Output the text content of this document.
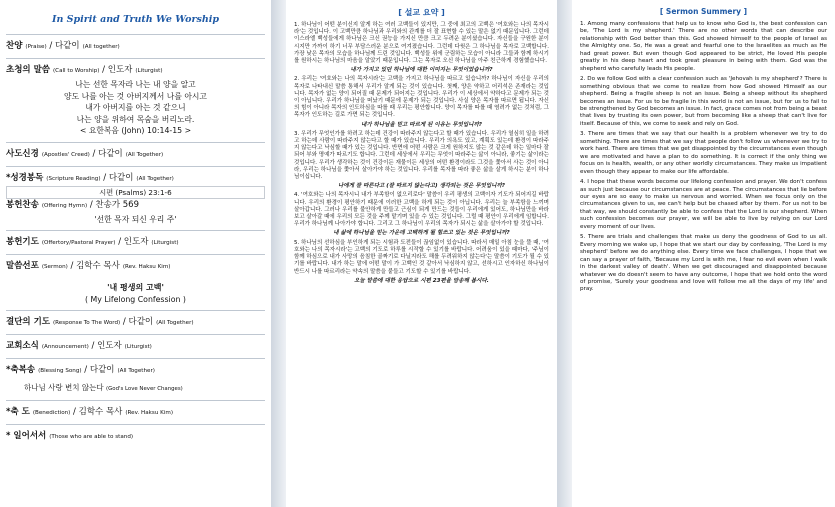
In Spirit and Truth We Worship
찬양 (Praise) / 다같이 (All together)
초청의 말씀 (Call to Worship) / 인도자 (Liturgist)
나는 선한 목자라 나는 내 양을 알고
양도 나를 아는 것 아버지께서 나를 아시고
내가 아버지를 아는 것 같으니
나는 양을 위하여 목숨을 버리노라.
< 요한복음 (John) 10:14-15 >
사도신경 (Apostles' Creed) / 다같이 (All Together)
*성경봉독 (Scripture Reading) / 다같이 (All Together)
시편 (Psalms) 23:1-6
봉헌찬송 (Offering Hymn) / 찬송가 569
'선한 목자 되신 우리 주'
봉헌기도 (Offertory/Pastoral Prayer) / 인도자 (Liturgist)
말씀선포 (Sermon) / 김학수 목사 (Rev. Haksu Kim)
'내 평생의 고백'
( My Lifelong Confession )
결단의 기도 (Response To The Word) / 다같이 (All Together)
교회소식 (Announcement) / 인도자 (Liturgist)
*축복송 (Blessing Song) / 다같이 (All Together)
하나님 사랑 변치 않는다 (God's Love Never Changes)
*축 도 (Benediction) / 김학수 목사 (Rev. Haksu Kim)
* 일어서서 (Those who are able to stand)
[ 설교 요약 ]

1. 하나님이 어떤 분이신지 알게 하는 여러 고백들이 있지만, 그 중에 최고의 고백은 '여호와는 나의 목자시라'는 것입니다. 이 고백만큼 하나님과 우리와의 관계를 더 잘 표현할 수 있는 말은 없기 때문입니다. 그런데 이스라엘 백성들에게 하나님은 크신 권능을 가지신 만큼 크고 두려운 분이셨습니다. 자신들을 구원한 분이시지만 가까이 하기 너무 부담스러운 분으로 여겨졌습니다. 그런데 다윗은 그 하나님을 목자로 고백합니다. 가장 낮은 목자의 모습을 하나님께 드린 것입니다. 백성들 위에 군림하는 모습이 아니라 그들과 함께 하시기를 원하시는 하나님의 마음을 알았기 때문입니다. 그는 목자로 오신 하나님을 아주 친근하게 경험했습니다.

내가 가지고 있던 하나님에 대한 이미지는 무엇이었습니까?

2. 우리는 '여호와는 나의 목자시라'는 고백을 가지고 하나님을 따르고 있습니까? 하나님이 자신을 우리의 목자로 나타내신 말씀 통해서 우리가 알게 되는 것이 있습니다. 첫째, 양은 약하고 어리석은 존재라는 것입니다. 목자가 없는 양이 되어질 때 문제가 되어지는 것입니다. 우리가 이 세상에서 약하다고 문제가 되는 것이 아닙니다. 우리가 하나님을 떠났기 때문에 문제가 되는 것입니다. 사실 양은 목자를 따르면 됩니다. 자신의 힘이 아니라 목자의 인도하심을 따를 때 우리는 평안합니다. 양이 목자를 따를 때 염려가 없는 것처럼, 그 목자가 인도하는 길로 가면 되는 것입니다.

내가 하나님을 믿고 따르게 된 이유는 무엇입니까?

3. 우리가 무엇인가를 하려고 하는데 건강이 따라주지 않는다고 할 때가 있습니다. 우리가 열심히 일을 하려고 하는데 사람이 따라주지 않는다고 할 때가 있습니다. 우리가 의욕도 있고, 계획도 있는데 환경이 따라주지 않는다고 낙심할 때가 있는 것입니다. 반면에 어떤 사람은 크게 원하지도 않는 것 같은데 하는 일마다 잘 되어 부와 명예가 따르기도 합니다. 그런데 세상에서 우리는 무엇이 따라주는 삶이 아니라, 좋기는 삶이라는 것입니다. 우리가 생각하는 것이 건강이든 재물이든 세상의 어떤 환경이라도 그것을 쫓아서 사는 것이 아니라, 우리는 하나님을 쫓아서 살아가야 하는 것입니다. 우리를 목자를 따라 좋은 삶을 살게 하시는 분이 하나님이십니다.

나에게 잘 따른다고 (잘 따르지 않는다고) 생각되는 것은 무엇입니까?

4. '여호와는 나의 목자시니 내가 부족함이 없으리로다' 말씀이 우리 평생의 고백이자 기도가 되어지길 바랍니다. 우리의 환경이 평안하기 때문에 이러한 고백을 하게 되는 것이 아닙니다. 우리는 늘 부족함을 느끼며 살아갑니다. 그러나 우리를 불안하게 만들고 근심이 되게 만드는 것들이 우리에게 있어도, 하나님만을 바라보고 살아갈 때에 우리의 모든 것을 주께 맡기며 있을 수 있는 것입니다. 그럴 때 평안이 우리에게 임합니다. 우리가 하나님께 나아가야 합니다. 그리고 그 하나님이 우리의 목자가 되시는 삶을 살아가야 할 것입니다.

내 삶에 하나님을 믿는 가운데 고백하게 될 힘쓰고 있는 것은 무엇입니까?

5. 하나님의 선하심을 부인하게 되는 시험과 도전들이 끊임없이 있습니다. 따라서 매일 아침 눈을 뜰 때, '여호와는 나의 목자시라'는 고백의 기도로 하루를 시작할 수 있기를 바랍니다. 어려움이 있을 때마다, '주님이 함께 하심으로 내가 사망의 음침한 골짜기로 다닐지라도 해를 두려워하지 않는다'는 말씀이 기도가 될 수 있기를 바랍니다. 내가 하는 말에 어떤 말이 가 고백인 것 같아서 낙심하지 않고, 선하시고 인자하신 하나님이 반드시 나를 따르리라는 약속의 말씀을 붙들고 기도할 수 있기를 바랍니다.

오늘 말씀에 대한 응답으로 시편 23편을 암송해 봅시다.

[ Sermon Summery ]

1. Among many confessions that help us to know who God is, the best confession can be, 'The Lord is my shepherd.' There are no other words that can describe our relationship with God better than this. God showed himself to the people of Israel as the Almighty one. So, He was a great and fearful one to the Israelites as much as He had great power. But even though God appeared to be strict, He loved His people greatly in his deep heart and took great pleasure in being with them. God was the shepherd who carefully leads His people.

2. Do we follow God with a clear confession such as 'Jehovah is my shepherd'? There is something obvious that we come to realize from how God showed Himself as our shepherd. Being a fragile sheep is not an issue. Being a sheep without its shepherd becomes an issue. For us to be fragile in this world is not an issue, but for us to fail to be strengthened by God becomes an issue. In fact, grace comes not from being a beast that lives by trusting its own power, but from becoming like a sheep that can't live for itself. Because of this, we come to seek and rely on God.

3. There are times that we say that our health is a problem whenever we try to do something. There are times that we say that people don't follow us whenever we try to work hard. There are times that we get disappointed by the circumstances even though we are motivated and have a plan to do something. It is correct if the only thing we focus on is health, wealth, or any other worldly circumstances. They make us impatient even though they appear to make our life affordable.

4. I hope that these words become our lifelong confession and prayer. We don't confess as such just because our circumstances are at peace. The circumstances that lie before our eyes are so easy to make us nervous and worried. When we focus only on the circumstances given to us, we can't help but be chased after by them. For us not to be that way, we should constantly be able to confess that the Lord is our shepherd. When such confession becomes our prayer, we will be able to live by relying on our Lord every moment of our lives.

5. There are trials and challenges that make us deny the goodness of God to us all. Every morning we wake up, I hope that we start our day by confessing, 'The Lord is my shepherd' before we do anything else. Every time we face challenges, I hope that we can say a prayer of faith, 'Because my Lord is with me, I fear no evil even when I walk in the darkest valley of death'. When we get discouraged and disappointed because whatever we do doesn't seem to have any outcome, I hope that we hold onto the word of promise, 'Surely your goodness and love will follow me all the days of my life' and pray.
